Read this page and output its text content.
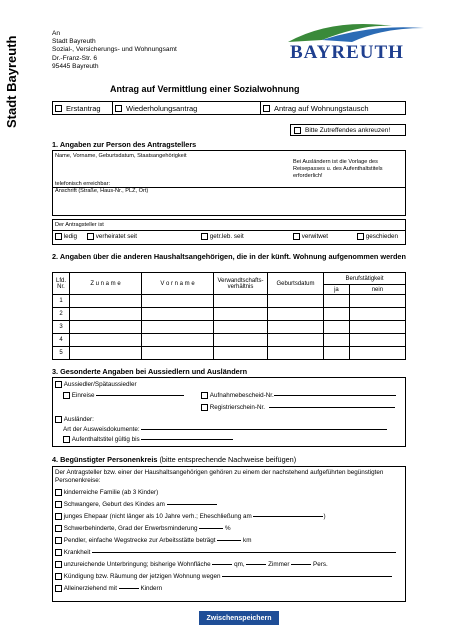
Stadt Bayreuth
An
Stadt Bayreuth
Sozial-, Versicherungs- und Wohnungsamt
Dr.-Franz-Str. 6
95445 Bayreuth
BAYREUTH
Antrag auf Vermittlung einer Sozialwohnung
Erstantrag	Wiederholungsantrag	Antrag auf Wohnungstausch
Bitte Zutreffendes ankreuzen!
1. Angaben zur Person des Antragstellers
Name, Vorname, Geburtsdatum, Staatsangehörigkeit
Bei Ausländern ist die Vorlage des Reisepasses u. des Aufenthaltstitels erforderlich!
telefonisch erreichbar:
Anschrift (Straße, Haus-Nr., PLZ, Ort)
Der Antragsteller ist

ledig
	verheiratet seit
	getr.leb. seit
	verwitwet
	geschieden
2. Angaben über die anderen Haushaltsangehörigen, die in der künft. Wohnung aufgenommen werden
Lfd. Nr.	Z u n a m e	V o r n a m e	Verwandtschafts- verhältnis	Geburtsdatum	Berufstätigkeit	
					ja	nein
1						
2						
3						
4						
5						
3. Gesonderte Angaben bei Aussiedlern und Ausländern

Aussiedler/Spätaussiedler

Einreise

	Aufnahmebescheid-Nr.

Registrierschein-Nr.

Ausländer:
Art der Ausweisdokumente:

Aufenthaltstitel gültig bis

4. Begünstigter Personenkreis (bitte entsprechende Nachweise beifügen)
Der Antragsteller bzw. einer der Haushaltsangehörigen gehören zu einem der nachstehend aufgeführten begünstigten Personenkreise:

kinderreiche Familie (ab 3 Kinder)

Schwangere, Geburt des Kindes am

junges Ehepaar (nicht länger als 10 Jahre verh.; Eheschließung am
	)

Schwerbehinderte, Grad der Erwerbsminderung

	%

Pendler, einfache Wegstrecke zur Arbeitsstätte beträgt

	km

Krankheit

unzureichende Unterbringung; bisherige Wohnfläche

	qm,

	Zimmer

	Pers.

Kündigung bzw. Räumung der jetzigen Wohnung wegen

Alleinerziehend mit

	Kindern
Zwischenspeichern
